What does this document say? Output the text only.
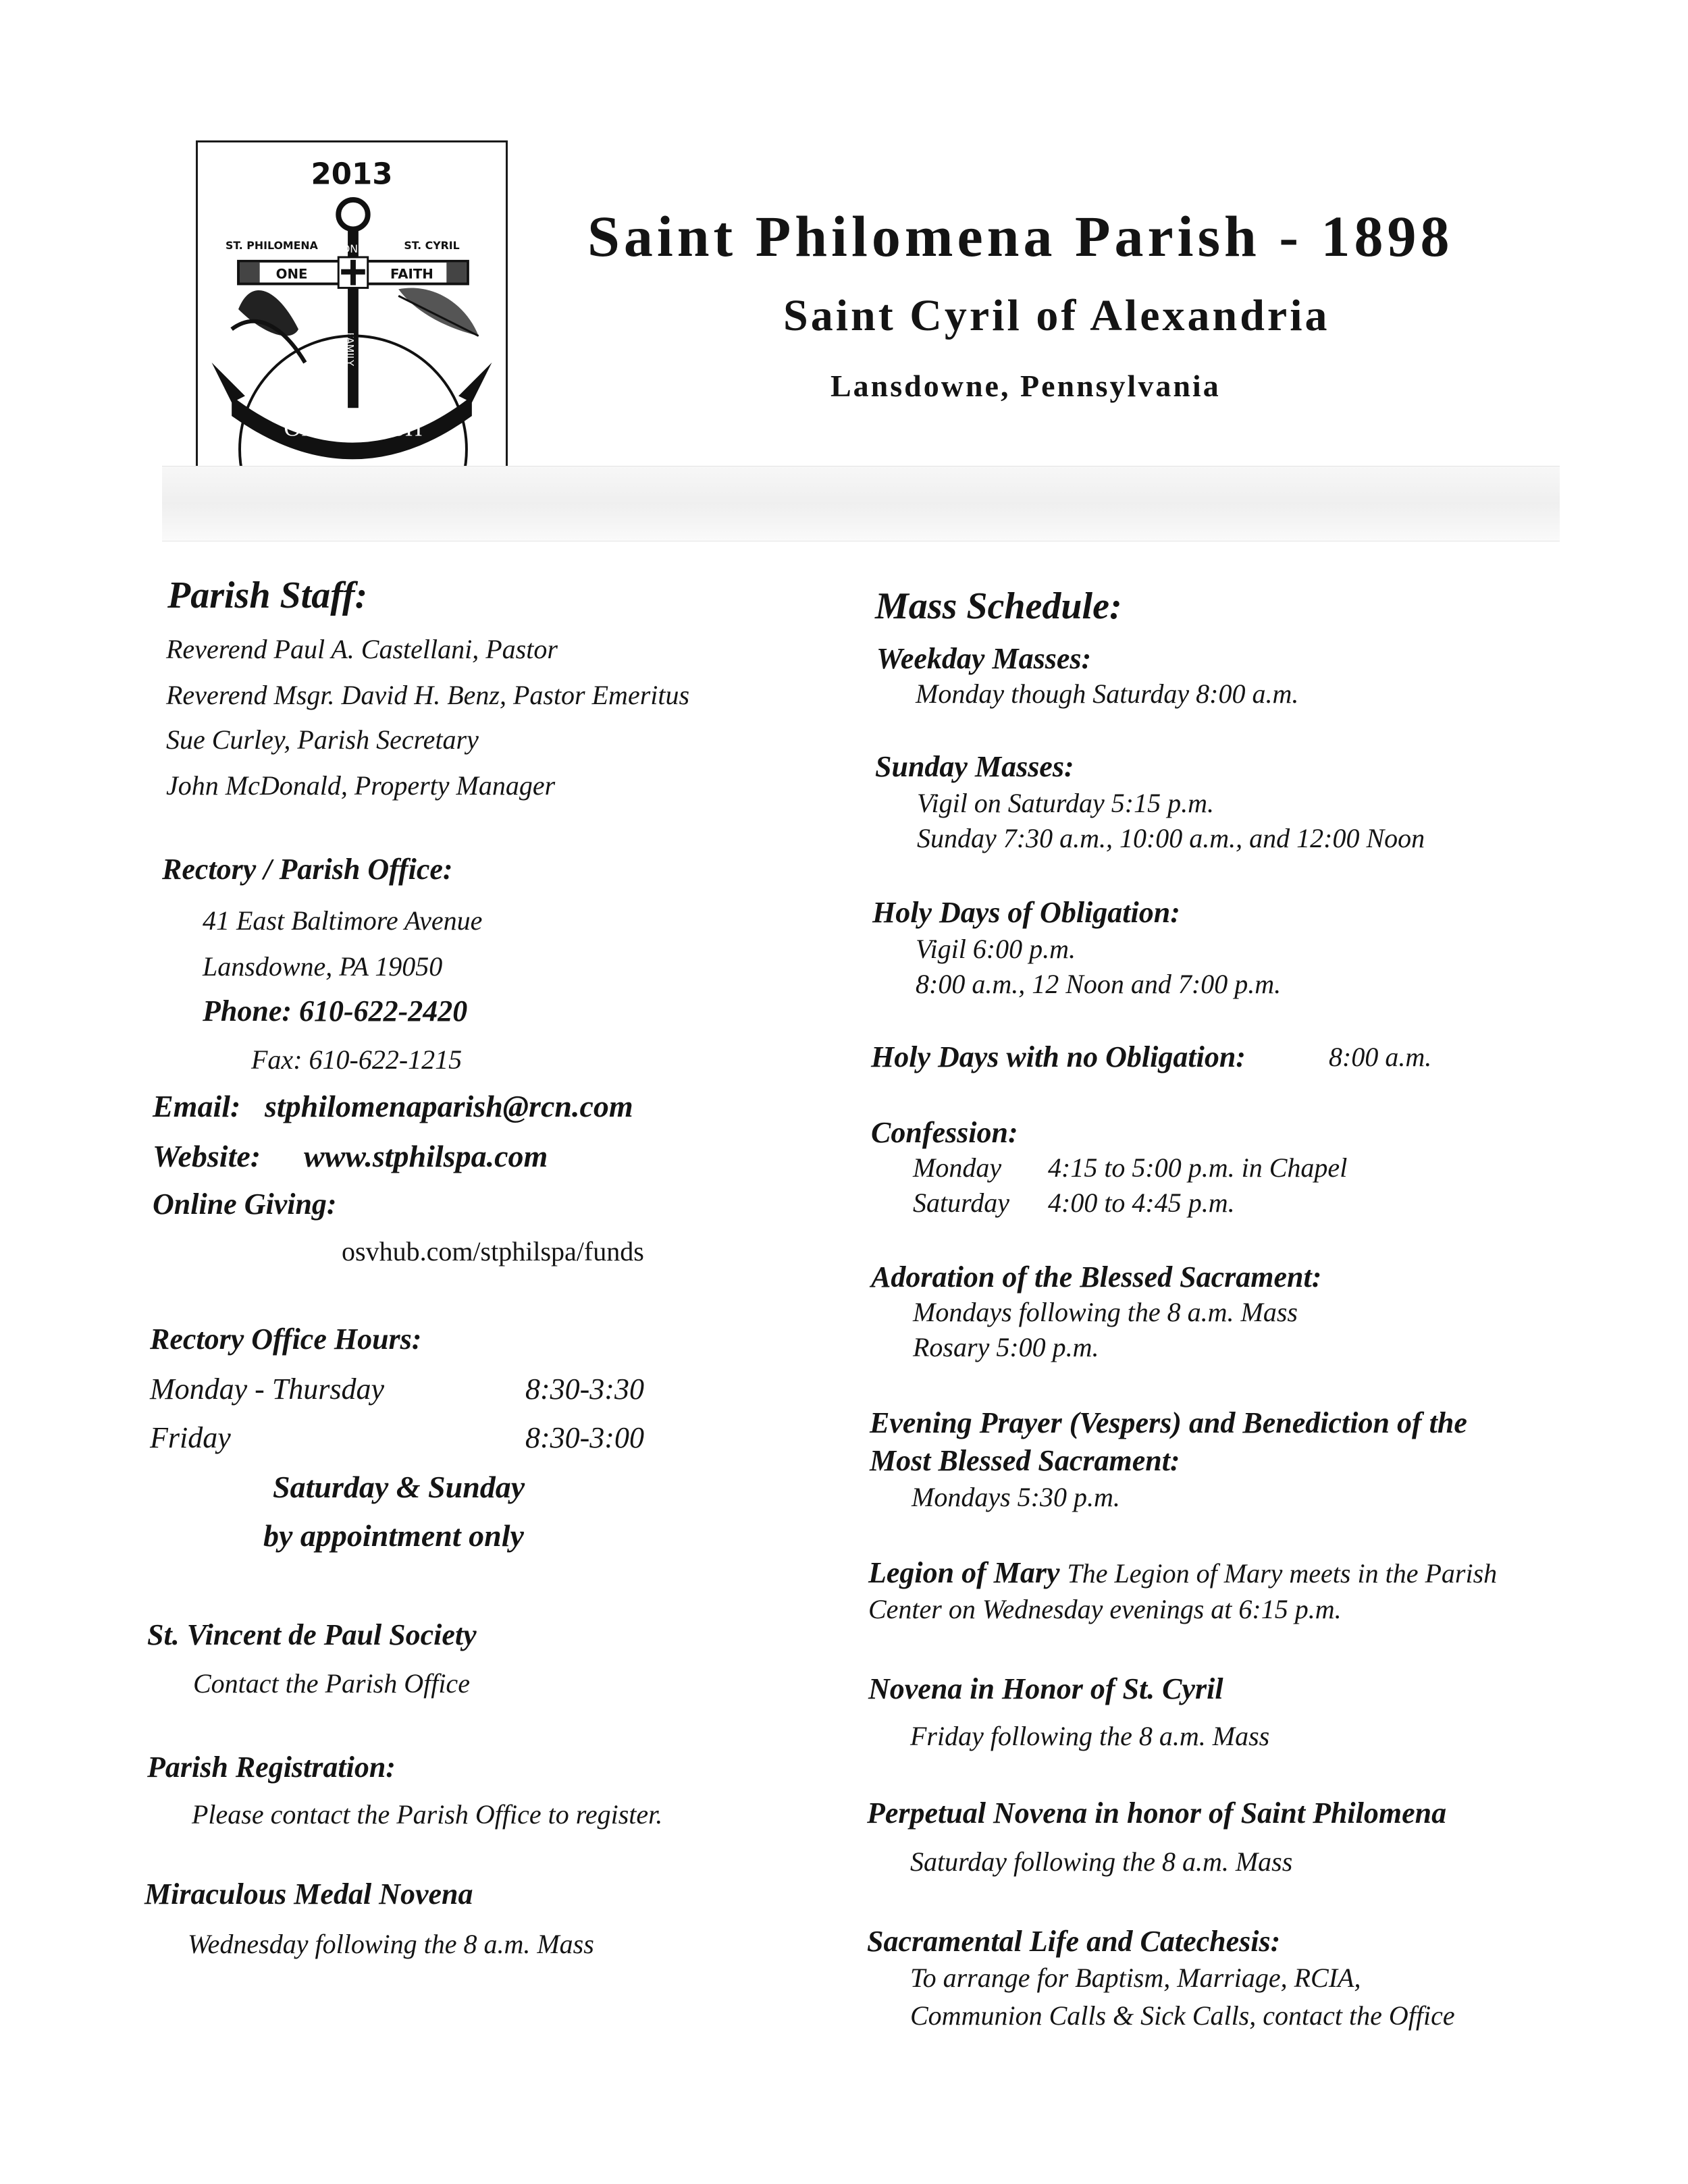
2013
ONE
FAMILY
ST. PHILOMENA	ST. CYRIL
ONE	FAITH
ONE PARISH
Saint Philomena Parish - 1898
Saint Cyril of Alexandria
Lansdowne, Pennsylvania
Parish Staff:
Reverend Paul A. Castellani, Pastor
Reverend Msgr. David H. Benz, Pastor Emeritus
Sue Curley, Parish Secretary
John McDonald, Property Manager
Rectory / Parish Office:
41 East Baltimore Avenue
Lansdowne, PA 19050
Phone: 610-622-2420
Fax: 610-622-1215
Email: stphilomenaparish@rcn.com
Website: www.stphilspa.com
Online Giving:
osvhub.com/stphilspa/funds
Rectory Office Hours:
Monday - Thursday	8:30-3:30
Friday	8:30-3:00
Saturday & Sunday
by appointment only
St. Vincent de Paul Society
Contact the Parish Office
Parish Registration:
Please contact the Parish Office to register.
Miraculous Medal Novena
Wednesday following the 8 a.m. Mass
Mass Schedule:
Weekday Masses:
Monday though Saturday 8:00 a.m.
Sunday Masses:
Vigil on Saturday 5:15 p.m.
Sunday 7:30 a.m., 10:00 a.m., and 12:00 Noon
Holy Days of Obligation:
Vigil 6:00 p.m.
8:00 a.m., 12 Noon and 7:00 p.m.
Holy Days with no Obligation:	8:00 a.m.
Confession:
Monday 4:15 to 5:00 p.m. in Chapel
Saturday 4:00 to 4:45 p.m.
Adoration of the Blessed Sacrament:
Mondays following the 8 a.m. Mass
Rosary 5:00 p.m.
Evening Prayer (Vespers) and Benediction of the
Most Blessed Sacrament:
Mondays 5:30 p.m.
Legion of Mary The Legion of Mary meets in the Parish
Center on Wednesday evenings at 6:15 p.m.
Novena in Honor of St. Cyril
Friday following the 8 a.m. Mass
Perpetual Novena in honor of Saint Philomena
Saturday following the 8 a.m. Mass
Sacramental Life and Catechesis:
To arrange for Baptism, Marriage, RCIA,
Communion Calls & Sick Calls, contact the Office
